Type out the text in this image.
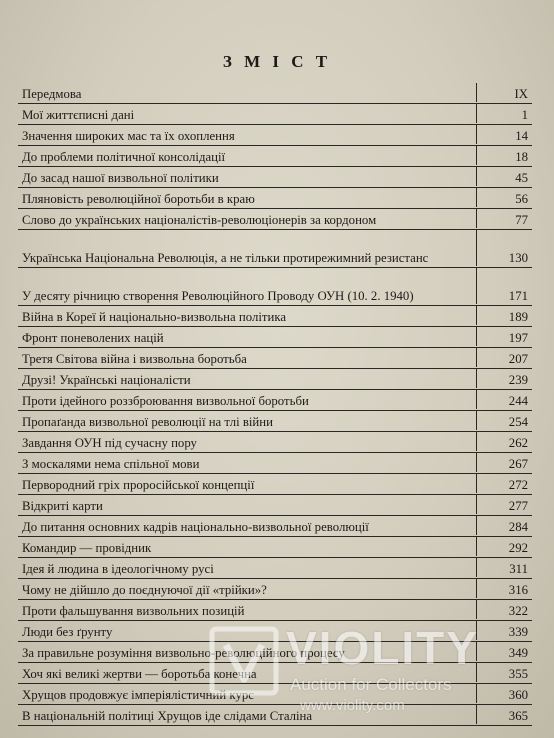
З М І С Т
Передмова	IX
Мої життєписні дані	1
Значення широких мас та їх охоплення	14
До проблеми політичної консолідації	18
До засад нашої визвольної політики	45
Пляновість революційної боротьби в краю	56
Слово до українських націоналістів-революціонерів за кордоном	77
Українська Національна Революція, а не тільки протирежимний резистанс	130
У десяту річницю створення Революційного Проводу ОУН (10. 2. 1940)	171
Війна в Кореї й національно-визвольна політика	189
Фронт поневолених націй	197
Третя Світова війна і визвольна боротьба	207
Друзі! Українські націоналісти	239
Проти ідейного роззброювання визвольної боротьби	244
Пропаґанда визвольної революції на тлі війни	254
Завдання ОУН під сучасну пору	262
З москалями нема спільної мови	267
Первородний гріх проросійської концепції	272
Відкриті карти	277
До питання основних кадрів національно-визвольної революції	284
Командир — провідник	292
Ідея й людина в ідеологічному русі	311
Чому не дійшло до поєднуючої дії «трійки»?	316
Проти фальшування визвольних позицій	322
Люди без ґрунту	339
За правильне розуміння визвольно-революційного процесу	349
Хоч які великі жертви — боротьба конечна	355
Хрущов продовжує імперіялістичний курс	360
В національній політиці Хрущов іде слідами Сталіна	365
VIOLITY
Auction for Collectors
www.violity.com
